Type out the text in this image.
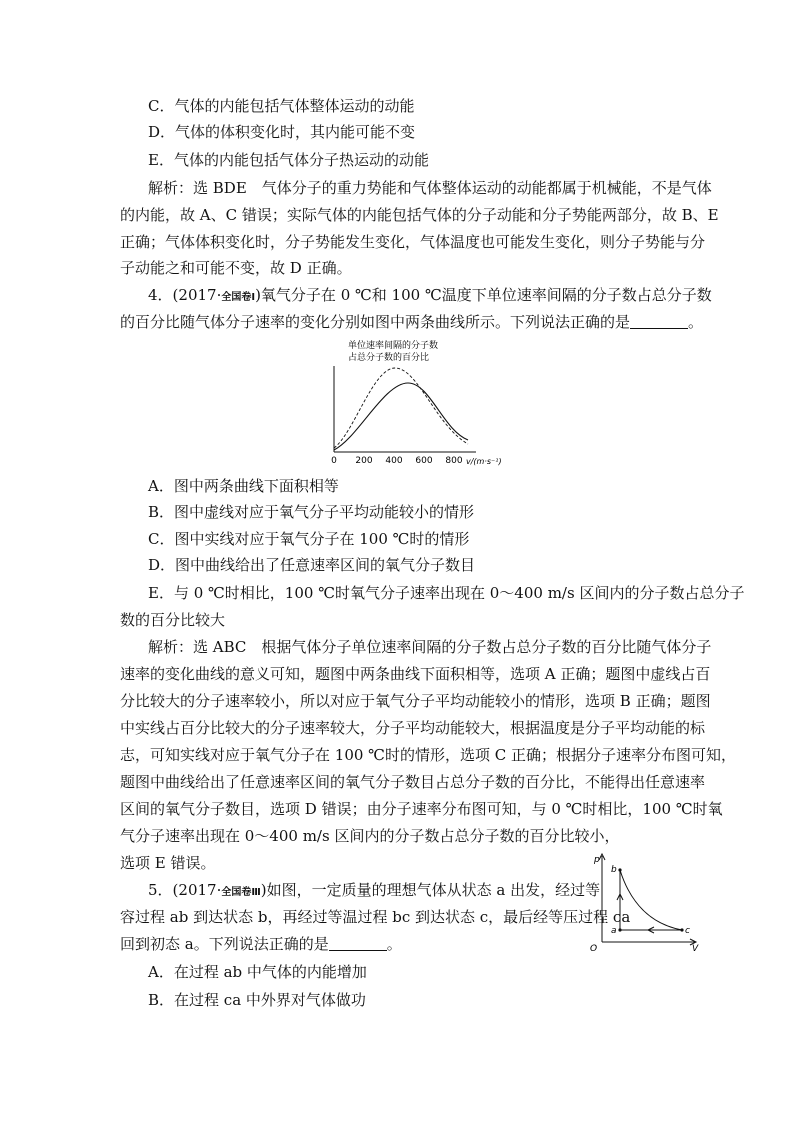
C．气体的内能包括气体整体运动的动能
D．气体的体积变化时，其内能可能不变
E．气体的内能包括气体分子热运动的动能
解析：选 BDE　气体分子的重力势能和气体整体运动的动能都属于机械能，不是气体
的内能，故 A、C 错误；实际气体的内能包括气体的分子动能和分子势能两部分，故 B、E
正确；气体体积变化时，分子势能发生变化，气体温度也可能发生变化，则分子势能与分
子动能之和可能不变，故 D 正确。
4．(2017·全国卷Ⅰ)氧气分子在 0 ℃和 100 ℃温度下单位速率间隔的分子数占总分子数
的百分比随气体分子速率的变化分别如图中两条曲线所示。下列说法正确的是	。
单位速率间隔的分子数
占总分子数的百分比
0 200 400 600 800 v/(m·s⁻¹)
A．图中两条曲线下面积相等
B．图中虚线对应于氧气分子平均动能较小的情形
C．图中实线对应于氧气分子在 100 ℃时的情形
D．图中曲线给出了任意速率区间的氧气分子数目
E．与 0 ℃时相比，100 ℃时氧气分子速率出现在 0～400 m/s 区间内的分子数占总分子
数的百分比较大
解析：选 ABC　根据气体分子单位速率间隔的分子数占总分子数的百分比随气体分子
速率的变化曲线的意义可知，题图中两条曲线下面积相等，选项 A 正确；题图中虚线占百
分比较大的分子速率较小，所以对应于氧气分子平均动能较小的情形，选项 B 正确；题图
中实线占百分比较大的分子速率较大，分子平均动能较大，根据温度是分子平均动能的标
志，可知实线对应于氧气分子在 100 ℃时的情形，选项 C 正确；根据分子速率分布图可知，
题图中曲线给出了任意速率区间的氧气分子数目占总分子数的百分比，不能得出任意速率
区间的氧气分子数目，选项 D 错误；由分子速率分布图可知，与 0 ℃时相比，100 ℃时氧
气分子速率出现在 0～400 m/s 区间内的分子数占总分子数的百分比较小，
选项 E 错误。
5．(2017·全国卷Ⅲ)如图，一定质量的理想气体从状态 a 出发，经过等
容过程 ab 到达状态 b，再经过等温过程 bc 到达状态 c，最后经等压过程 ca
回到初态 a。下列说法正确的是	。
A．在过程 ab 中气体的内能增加
B．在过程 ca 中外界对气体做功
p
V
O
b
a	c
